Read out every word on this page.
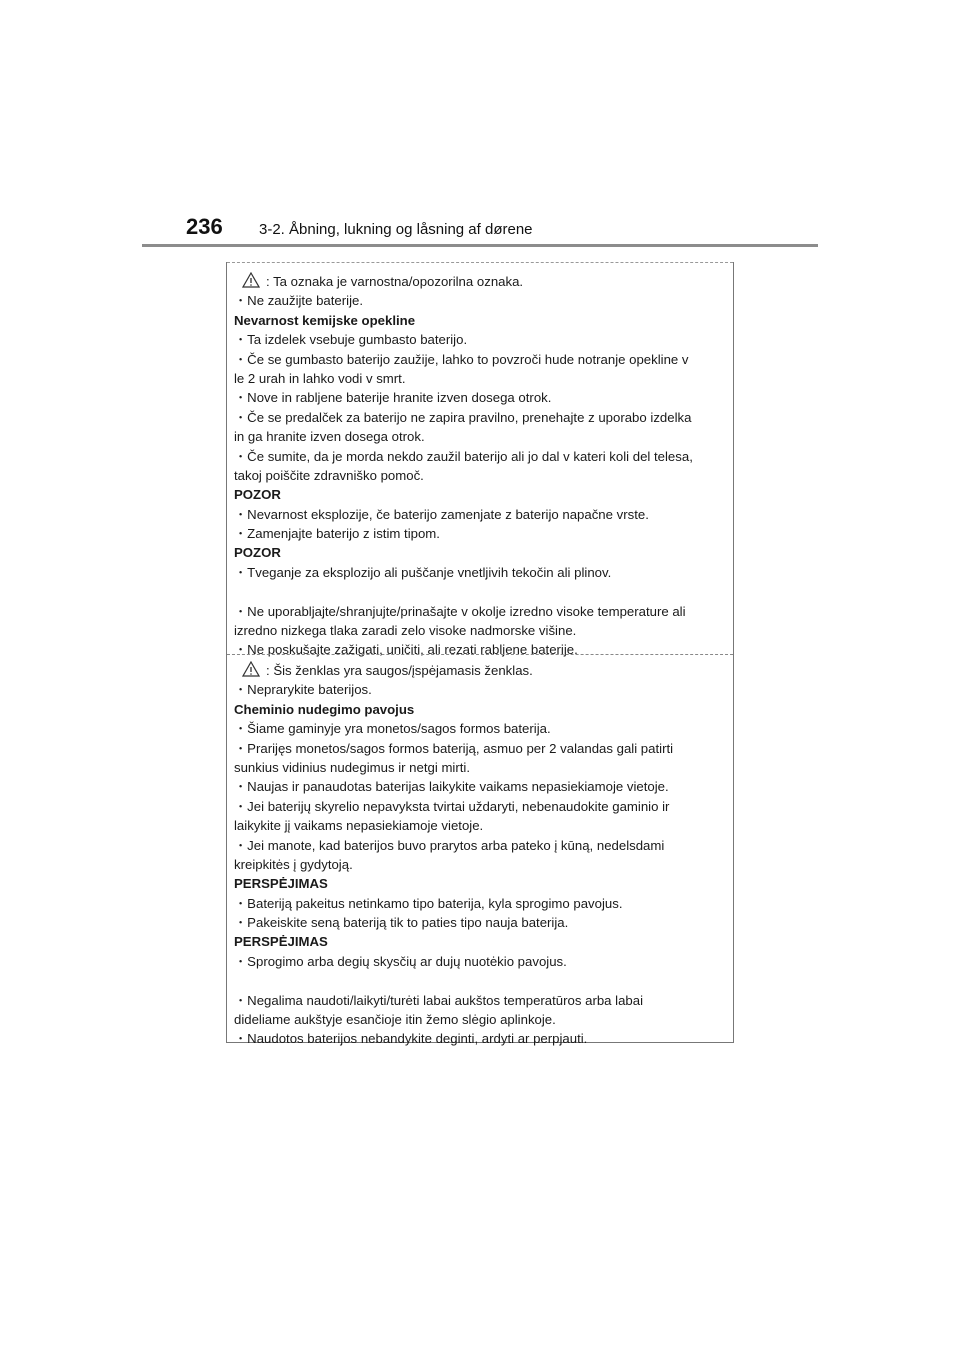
236 3-2. Åbning, lukning og låsning af dørene
: Ta oznaka je varnostna/opozorilna oznaka.
・Ne zaužijte baterije.
Nevarnost kemijske opekline
・Ta izdelek vsebuje gumbasto baterijo.
・Če se gumbasto baterijo zaužije, lahko to povzroči hude notranje opekline v
le 2 urah in lahko vodi v smrt.
・Nove in rabljene baterije hranite izven dosega otrok.
・Če se predalček za baterijo ne zapira pravilno, prenehajte z uporabo izdelka
in ga hranite izven dosega otrok.
・Če sumite, da je morda nekdo zaužil baterijo ali jo dal v kateri koli del telesa,
takoj poiščite zdravniško pomoč.
POZOR
・Nevarnost eksplozije, če baterijo zamenjate z baterijo napačne vrste.
・Zamenjajte baterijo z istim tipom.
POZOR
・Tveganje za eksplozijo ali puščanje vnetljivih tekočin ali plinov.
・Ne uporabljajte/shranjujte/prinašajte v okolje izredno visoke temperature ali
izredno nizkega tlaka zaradi zelo visoke nadmorske višine.
・Ne poskušajte zažigati, uničiti, ali rezati rabljene baterije.
: Šis ženklas yra saugos/įspėjamasis ženklas.
・Neprarykite baterijos.
Cheminio nudegimo pavojus
・Šiame gaminyje yra monetos/sagos formos baterija.
・Prarijęs monetos/sagos formos bateriją, asmuo per 2 valandas gali patirti
sunkius vidinius nudegimus ir netgi mirti.
・Naujas ir panaudotas baterijas laikykite vaikams nepasiekiamoje vietoje.
・Jei baterijų skyrelio nepavyksta tvirtai uždaryti, nebenaudokite gaminio ir
laikykite jį vaikams nepasiekiamoje vietoje.
・Jei manote, kad baterijos buvo prarytos arba pateko į kūną, nedelsdami
kreipkitės į gydytoją.
PERSPĖJIMAS
・Bateriją pakeitus netinkamo tipo baterija, kyla sprogimo pavojus.
・Pakeiskite seną bateriją tik to paties tipo nauja baterija.
PERSPĖJIMAS
・Sprogimo arba degių skysčių ar dujų nuotėkio pavojus.
・Negalima naudoti/laikyti/turėti labai aukštos temperatūros arba labai
dideliame aukštyje esančioje itin žemo slėgio aplinkoje.
・Naudotos baterijos nebandykite deginti, ardyti ar perpjauti.
